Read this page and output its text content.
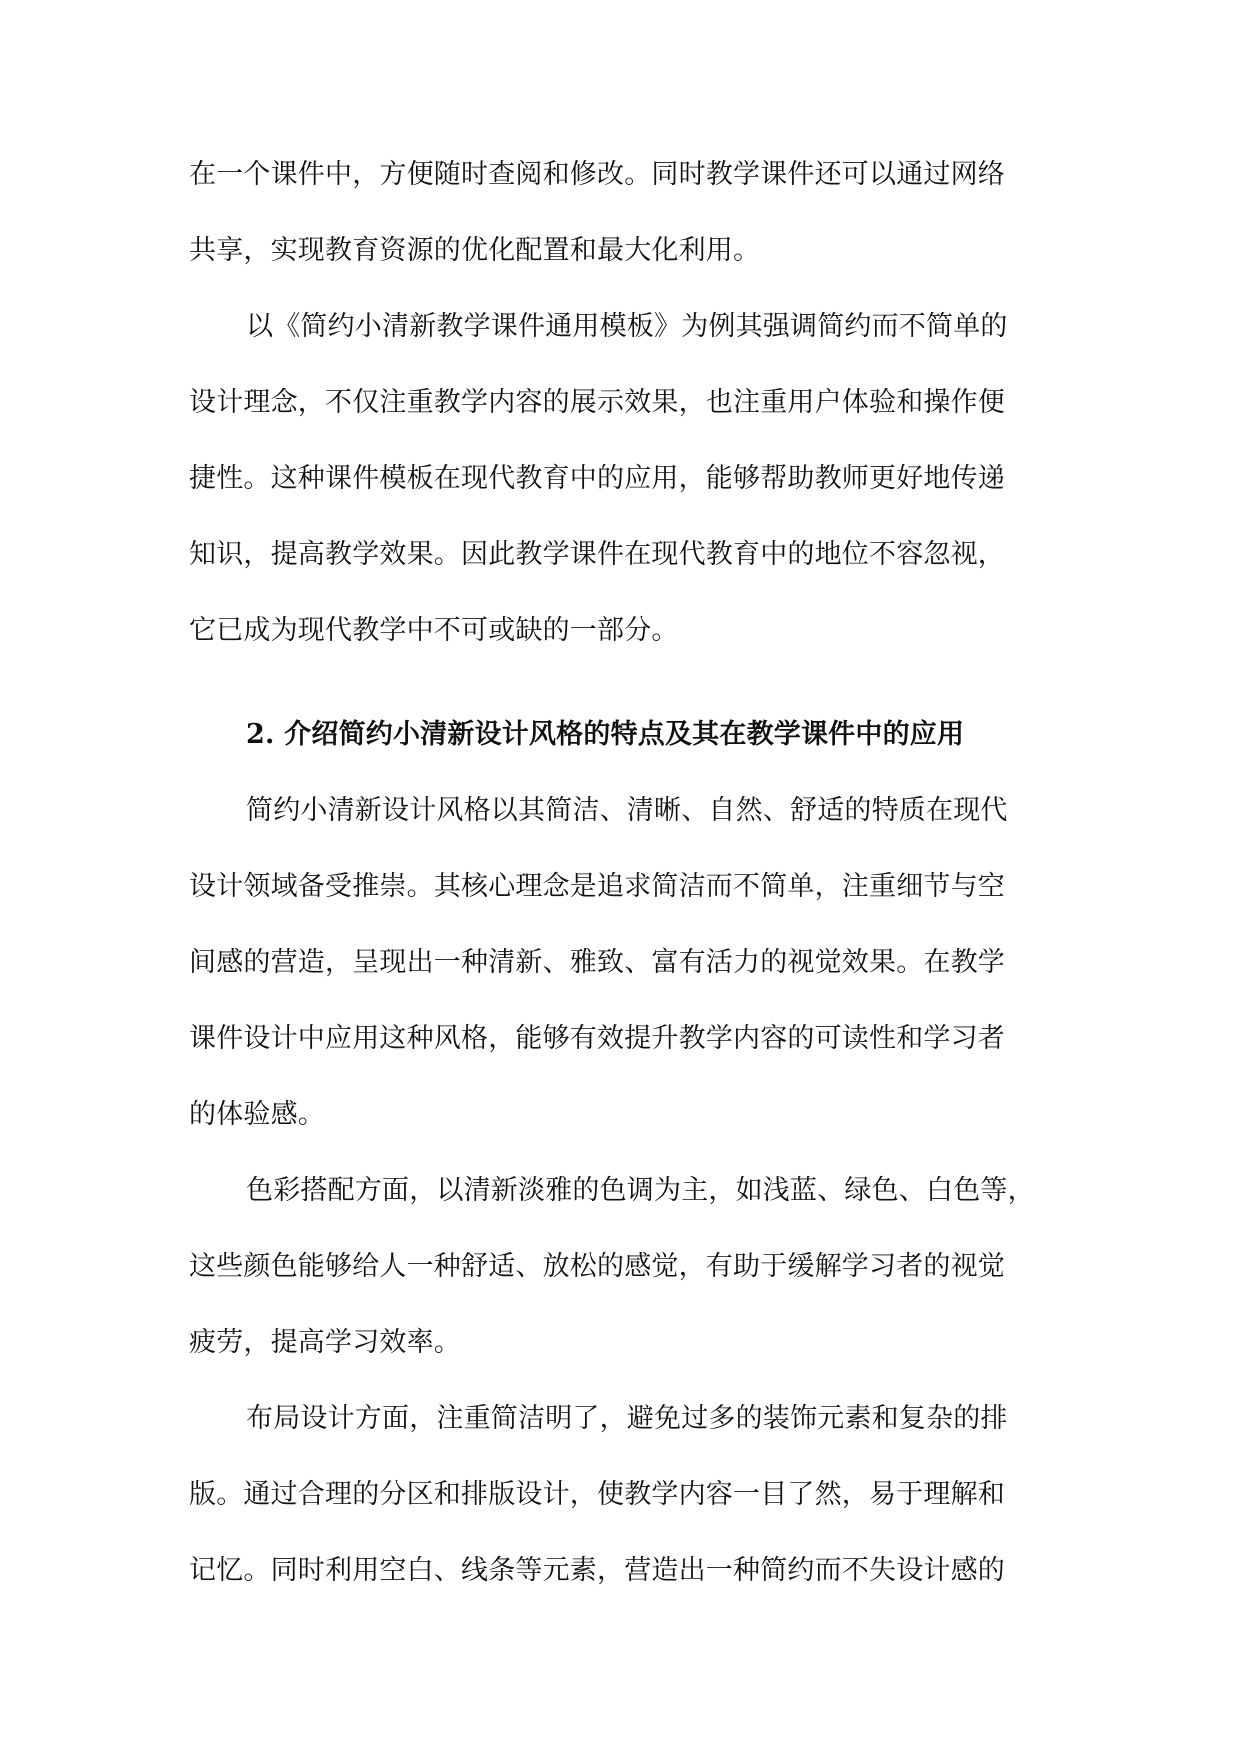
在一个课件中，方便随时查阅和修改。同时教学课件还可以通过网络
共享，实现教育资源的优化配置和最大化利用。
以《简约小清新教学课件通用模板》为例其强调简约而不简单的
设计理念，不仅注重教学内容的展示效果，也注重用户体验和操作便
捷性。这种课件模板在现代教育中的应用，能够帮助教师更好地传递
知识，提高教学效果。因此教学课件在现代教育中的地位不容忽视，
它已成为现代教学中不可或缺的一部分。
2. 介绍简约小清新设计风格的特点及其在教学课件中的应用
简约小清新设计风格以其简洁、清晰、自然、舒适的特质在现代
设计领域备受推崇。其核心理念是追求简洁而不简单，注重细节与空
间感的营造，呈现出一种清新、雅致、富有活力的视觉效果。在教学
课件设计中应用这种风格，能够有效提升教学内容的可读性和学习者
的体验感。
色彩搭配方面，以清新淡雅的色调为主，如浅蓝、绿色、白色等，
这些颜色能够给人一种舒适、放松的感觉，有助于缓解学习者的视觉
疲劳，提高学习效率。
布局设计方面，注重简洁明了，避免过多的装饰元素和复杂的排
版。通过合理的分区和排版设计，使教学内容一目了然，易于理解和
记忆。同时利用空白、线条等元素，营造出一种简约而不失设计感的
